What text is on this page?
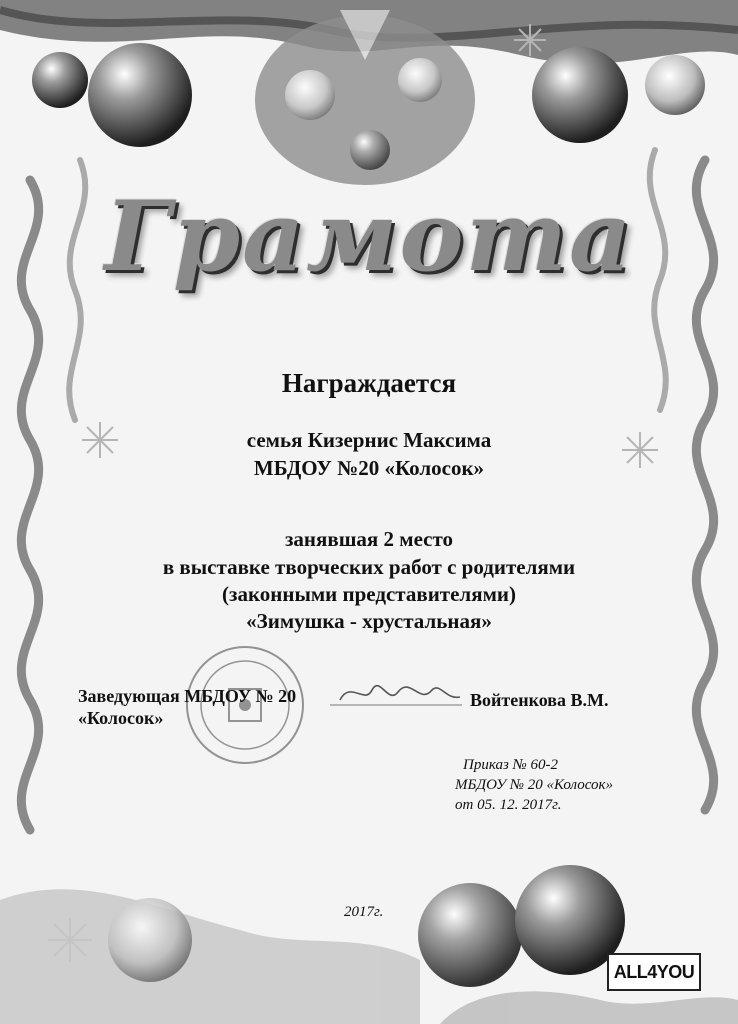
Грамота
Награждается
семья Кизернис Максима
МБДОУ №20 «Колосок»
занявшая 2 место
в выставке творческих работ с родителями
(законными представителями)
«Зимушка - хрустальная»
Заведующая МБДОУ № 20
«Колосок»
Войтенкова В.М.
Приказ № 60-2
МБДОУ № 20 «Колосок»
от 05. 12. 2017г.
2017г.
ALL4YOU
